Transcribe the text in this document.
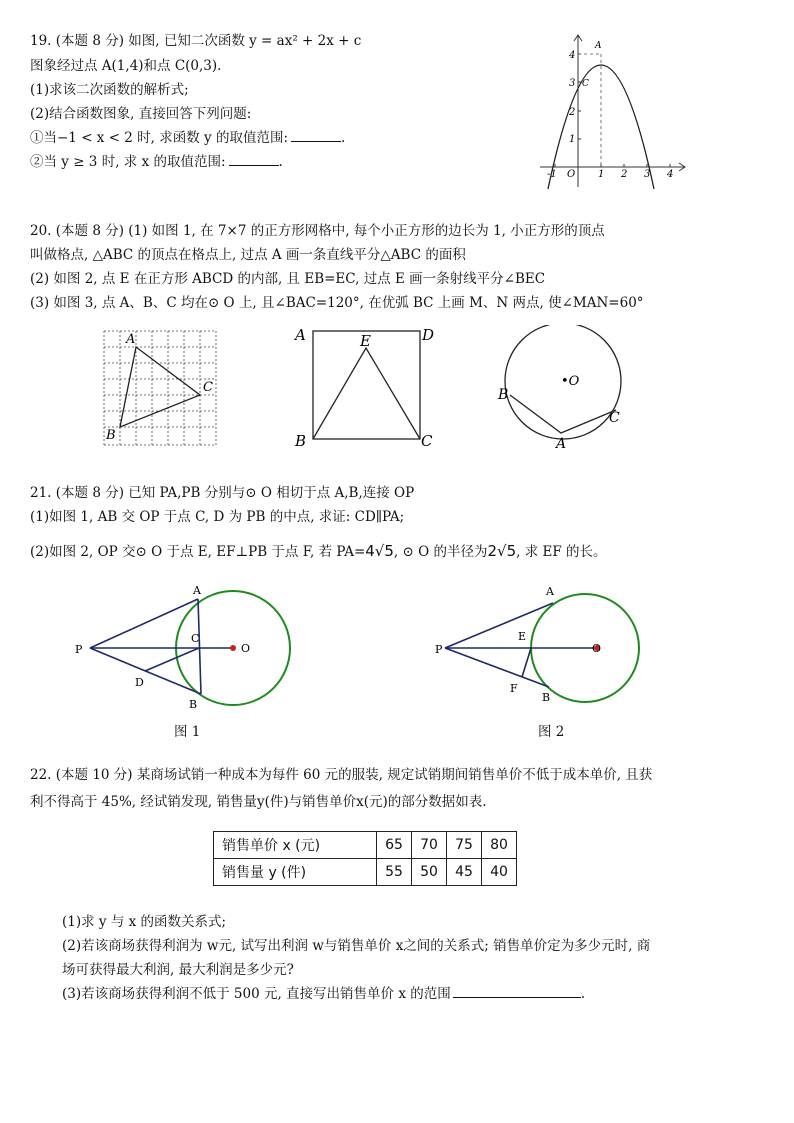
19. (本题 8 分) 如图, 已知二次函数 y = ax² + 2x + c
图象经过点 A(1,4)和点 C(0,3).
(1)求该二次函数的解析式;
(2)结合函数图象, 直接回答下列问题:
①当−1 < x < 2 时, 求函数 y 的取值范围:	.
②当 y ≥ 3 时, 求 x 的取值范围:	.
-1 O 1 2 3 4
1
2
3
4
A
C
20. (本题 8 分) (1) 如图 1, 在 7×7 的正方形网格中, 每个小正方形的边长为 1, 小正方形的顶点
叫做格点, △ABC 的顶点在格点上, 过点 A 画一条直线平分△ABC 的面积
(2) 如图 2, 点 E 在正方形 ABCD 的内部, 且 EB=EC, 过点 E 画一条射线平分∠BEC
(3) 如图 3, 点 A、B、C 均在⊙ O 上, 且∠BAC=120°, 在优弧 BC 上画 M、N 两点, 使∠MAN=60°
A
C
B
A	D
E
B	C
•O
B
A
C
21. (本题 8 分) 已知 PA,PB 分别与⊙ O 相切于点 A,B,连接 OP
(1)如图 1, AB 交 OP 于点 C, D 为 PB 的中点, 求证: CD∥PA;
(2)如图 2, OP 交⊙ O 于点 E, EF⊥PB 于点 F, 若 PA=4√5, ⊙ O 的半径为2√5, 求 EF 的长。
P
A
C
O
D
B
图 1
P
A
E
O
F
B
图 2
22. (本题 10 分) 某商场试销一种成本为每件 60 元的服装, 规定试销期间销售单价不低于成本单价, 且获
利不得高于 45%, 经试销发现, 销售量y(件)与销售单价x(元)的部分数据如表.
销售单价 x (元)	65	70	75	80
销售量 y (件)	55	50	45	40
(1)求 y 与 x 的函数关系式;
(2)若该商场获得利润为 w元, 试写出利润 w与销售单价 x之间的关系式; 销售单价定为多少元时, 商
场可获得最大利润, 最大利润是多少元?
(3)若该商场获得利润不低于 500 元, 直接写出销售单价 x 的范围	.
